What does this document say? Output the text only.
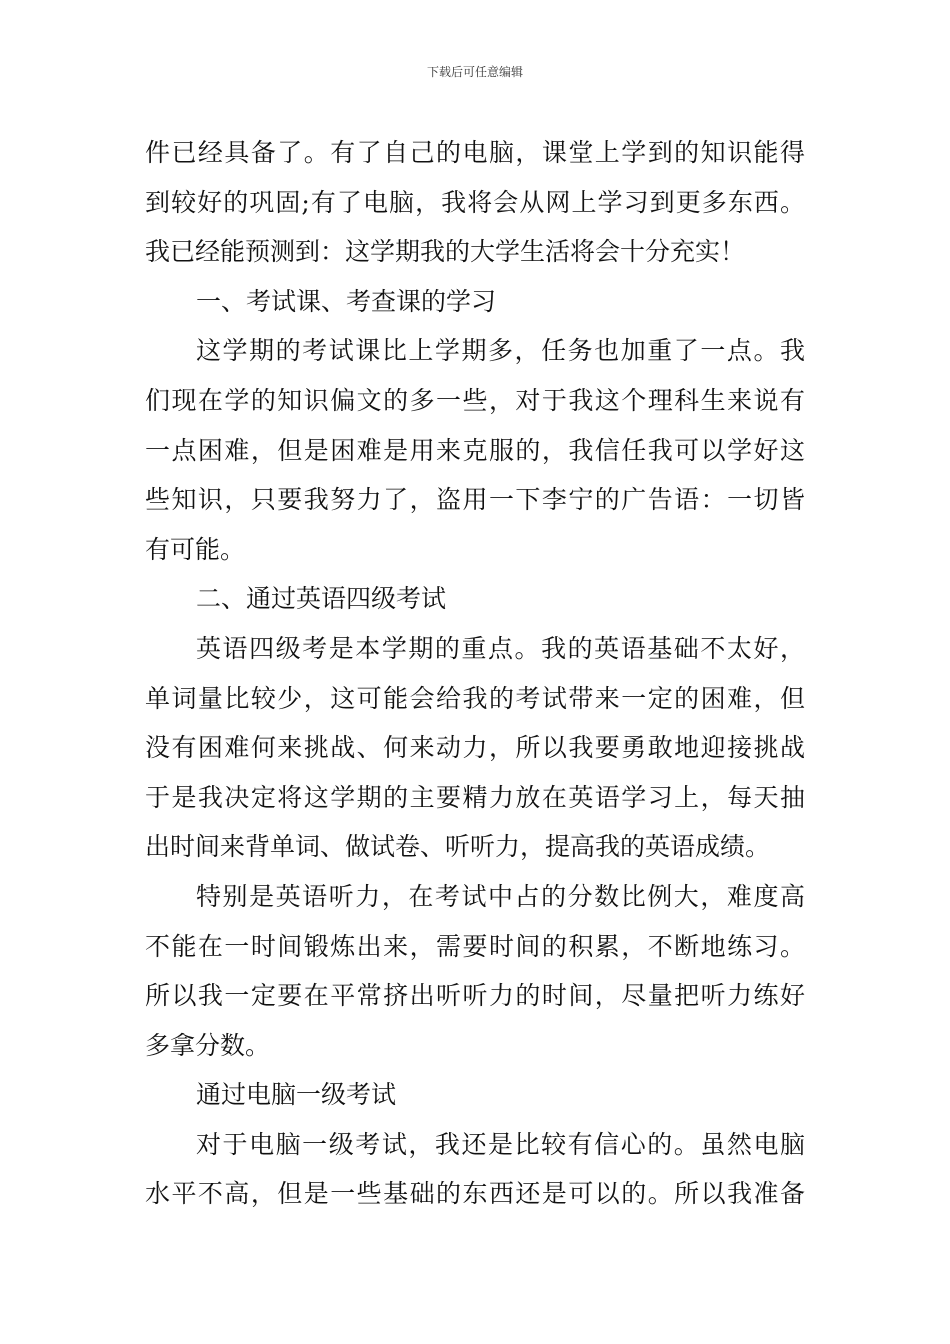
下载后可任意编辑
件已经具备了。有了自己的电脑，课堂上学到的知识能得
到较好的巩固;有了电脑，我将会从网上学习到更多东西。
我已经能预测到：这学期我的大学生活将会十分充实！
一、考试课、考查课的学习
这学期的考试课比上学期多，任务也加重了一点。我
们现在学的知识偏文的多一些，对于我这个理科生来说有
一点困难，但是困难是用来克服的，我信任我可以学好这
些知识，只要我努力了，盗用一下李宁的广告语：一切皆
有可能。
二、通过英语四级考试
英语四级考是本学期的重点。我的英语基础不太好，
单词量比较少，这可能会给我的考试带来一定的困难，但
没有困难何来挑战、何来动力，所以我要勇敢地迎接挑战
于是我决定将这学期的主要精力放在英语学习上，每天抽
出时间来背单词、做试卷、听听力，提高我的英语成绩。
特别是英语听力，在考试中占的分数比例大，难度高
不能在一时间锻炼出来，需要时间的积累，不断地练习。
所以我一定要在平常挤出听听力的时间，尽量把听力练好
多拿分数。
通过电脑一级考试
对于电脑一级考试，我还是比较有信心的。虽然电脑
水平不高，但是一些基础的东西还是可以的。所以我准备
